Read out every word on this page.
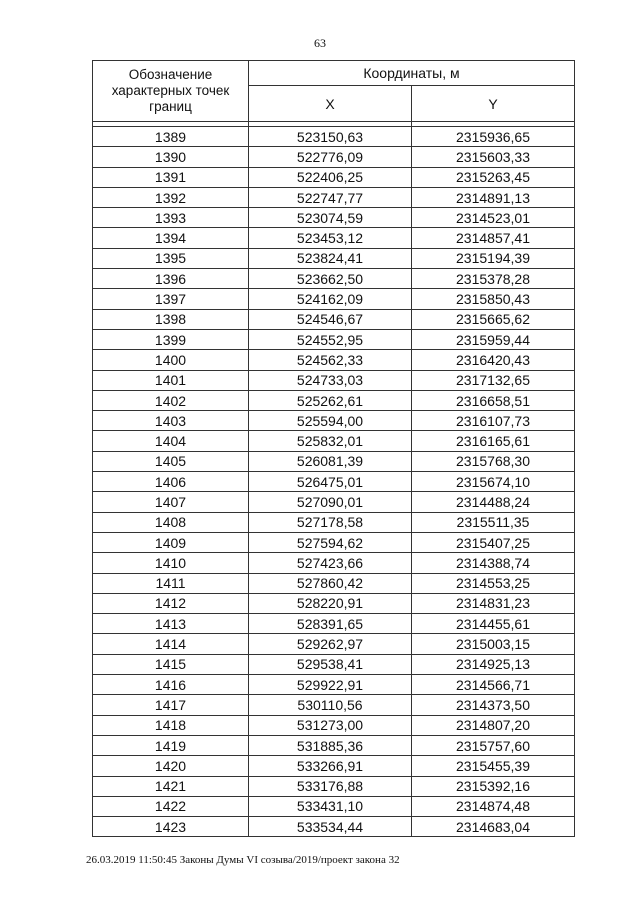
63
Обозначение характерных точек границ	Координаты, м	
	X	Y

1389	523150,63	2315936,65
1390	522776,09	2315603,33
1391	522406,25	2315263,45
1392	522747,77	2314891,13
1393	523074,59	2314523,01
1394	523453,12	2314857,41
1395	523824,41	2315194,39
1396	523662,50	2315378,28
1397	524162,09	2315850,43
1398	524546,67	2315665,62
1399	524552,95	2315959,44
1400	524562,33	2316420,43
1401	524733,03	2317132,65
1402	525262,61	2316658,51
1403	525594,00	2316107,73
1404	525832,01	2316165,61
1405	526081,39	2315768,30
1406	526475,01	2315674,10
1407	527090,01	2314488,24
1408	527178,58	2315511,35
1409	527594,62	2315407,25
1410	527423,66	2314388,74
1411	527860,42	2314553,25
1412	528220,91	2314831,23
1413	528391,65	2314455,61
1414	529262,97	2315003,15
1415	529538,41	2314925,13
1416	529922,91	2314566,71
1417	530110,56	2314373,50
1418	531273,00	2314807,20
1419	531885,36	2315757,60
1420	533266,91	2315455,39
1421	533176,88	2315392,16
1422	533431,10	2314874,48
1423	533534,44	2314683,04
26.03.2019 11:50:45 Законы Думы VI созыва/2019/проект закона 32
